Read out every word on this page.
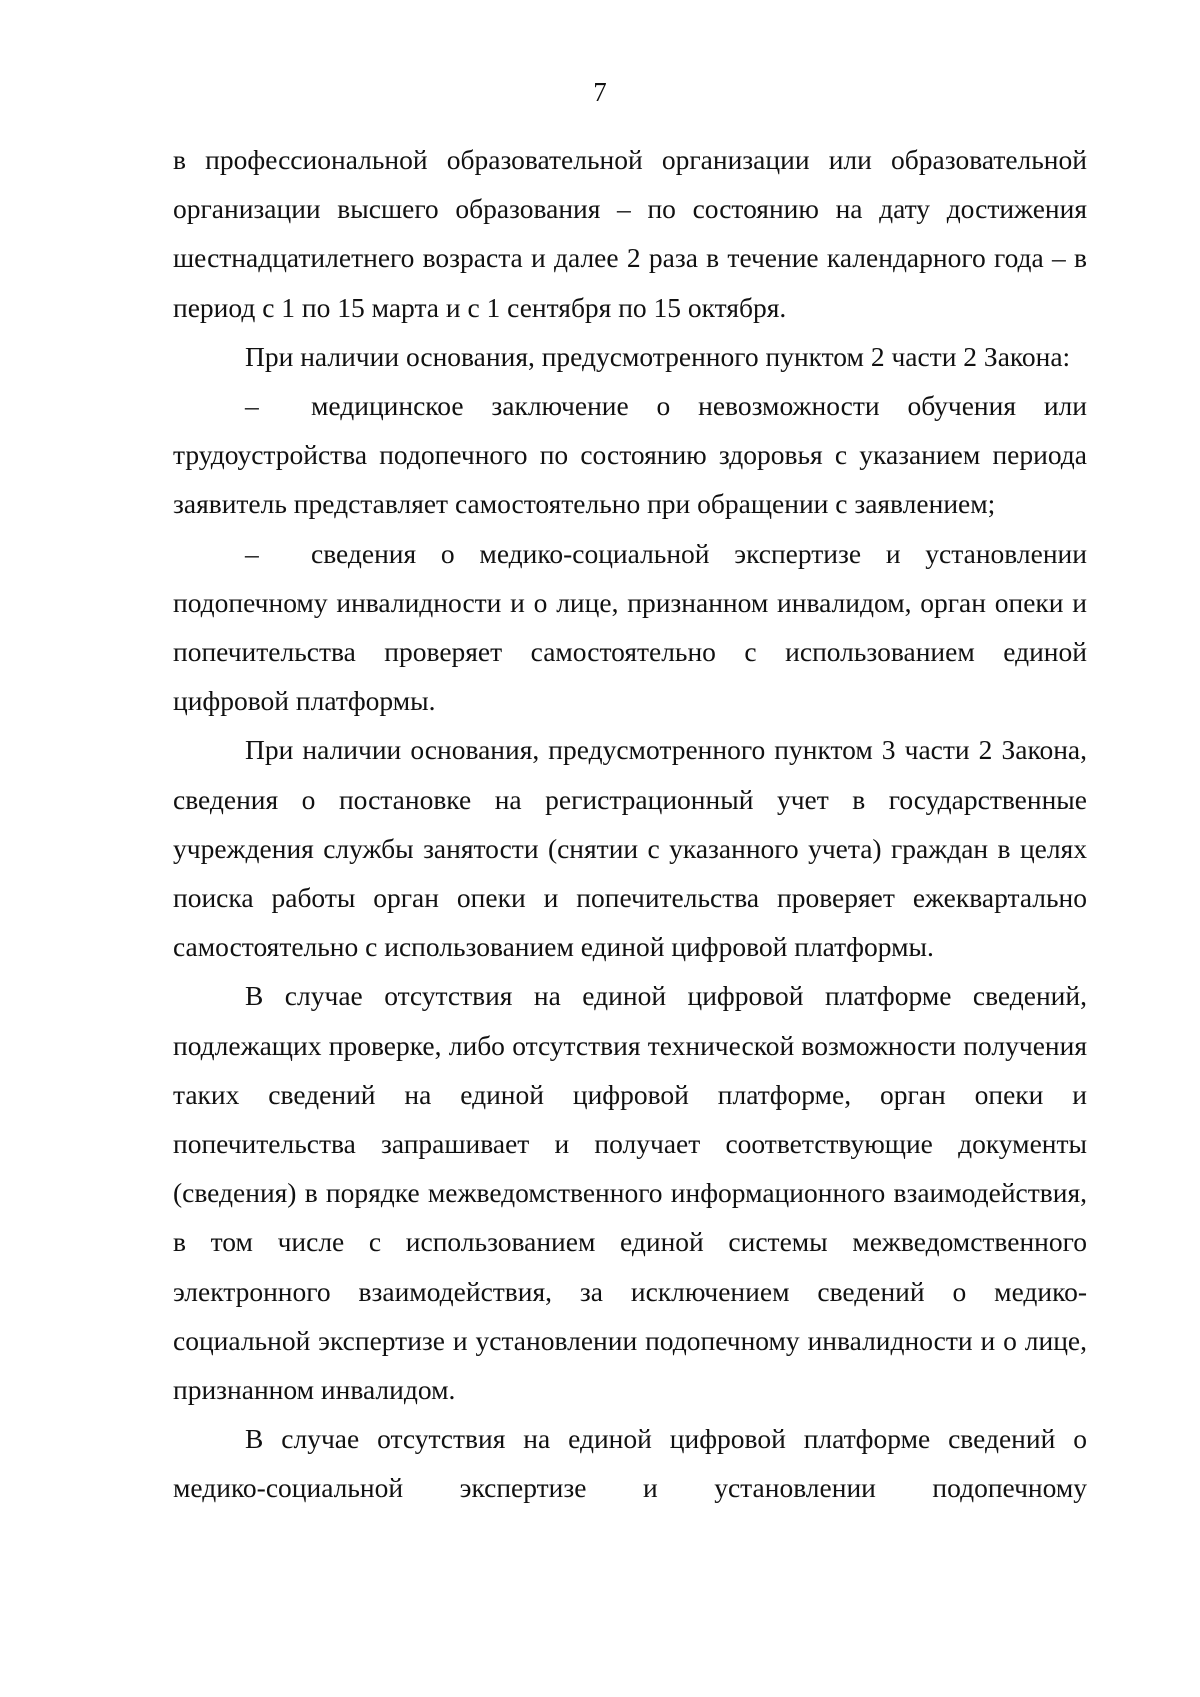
7

в профессиональной образовательной организации или образовательной организации высшего образования – по состоянию на дату достижения шестнадцатилетнего возраста и далее 2 раза в течение календарного года – в период с 1 по 15 марта и с 1 сентября по 15 октября.

При наличии основания, предусмотренного пунктом 2 части 2 Закона:

– медицинское заключение о невозможности обучения или трудоустройства подопечного по состоянию здоровья с указанием периода заявитель представляет самостоятельно при обращении с заявлением;

– сведения о медико-социальной экспертизе и установлении подопечному инвалидности и о лице, признанном инвалидом, орган опеки и попечительства проверяет самостоятельно с использованием единой цифровой платформы.

При наличии основания, предусмотренного пунктом 3 части 2 Закона, сведения о постановке на регистрационный учет в государственные учреждения службы занятости (снятии с указанного учета) граждан в целях поиска работы орган опеки и попечительства проверяет ежеквартально самостоятельно с использованием единой цифровой платформы.

В случае отсутствия на единой цифровой платформе сведений, подлежащих проверке, либо отсутствия технической возможности получения таких сведений на единой цифровой платформе, орган опеки и попечительства запрашивает и получает соответствующие документы (сведения) в порядке межведомственного информационного взаимодействия, в том числе с использованием единой системы межведомственного электронного взаимодействия, за исключением сведений о медико-социальной экспертизе и установлении подопечному инвалидности и о лице, признанном инвалидом.

В случае отсутствия на единой цифровой платформе сведений о медико-социальной экспертизе и установлении подопечному
